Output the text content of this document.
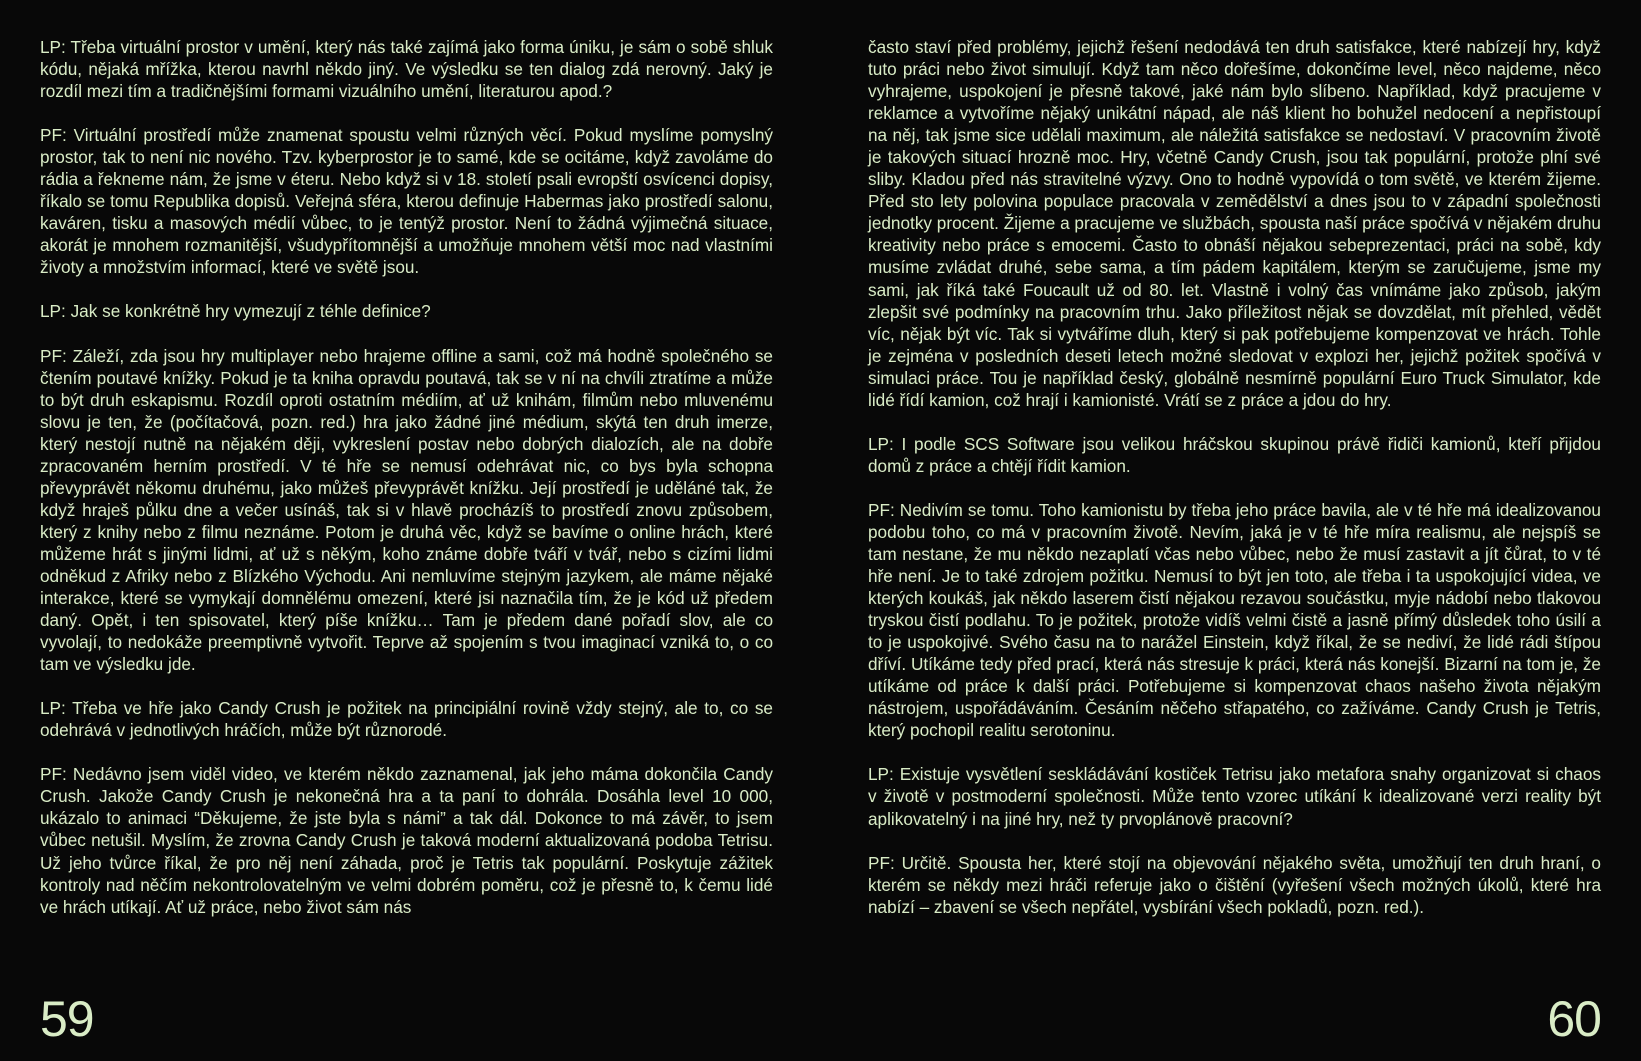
LP: Třeba virtuální prostor v umění, který nás také zajímá jako forma úniku, je sám o sobě shluk kódu, nějaká mřížka, kterou navrhl někdo jiný. Ve výsledku se ten dialog zdá nerovný. Jaký je rozdíl mezi tím a tradičnějšími formami vizuálního umění, literaturou apod.?

PF: Virtuální prostředí může znamenat spoustu velmi různých věcí. Pokud myslíme pomyslný prostor, tak to není nic nového. Tzv. kyberprostor je to samé, kde se ocitáme, když zavoláme do rádia a řekneme nám, že jsme v éteru. Nebo když si v 18. století psali evropští osvícenci dopisy, říkalo se tomu Republika dopisů. Veřejná sféra, kterou definuje Habermas jako prostředí salonu, kaváren, tisku a masových médií vůbec, to je tentýž prostor. Není to žádná výjimečná situace, akorát je mnohem rozmanitější, všudypřítomnější a umožňuje mnohem větší moc nad vlastními životy a množstvím informací, které ve světě jsou.

LP: Jak se konkrétně hry vymezují z téhle definice?

PF: Záleží, zda jsou hry multiplayer nebo hrajeme offline a sami, což má hodně společného se čtením poutavé knížky. Pokud je ta kniha opravdu poutavá, tak se v ní na chvíli ztratíme a může to být druh eskapismu. Rozdíl oproti ostatním médiím, ať už knihám, filmům nebo mluvenému slovu je ten, že (počítačová, pozn. red.) hra jako žádné jiné médium, skýtá ten druh imerze, který nestojí nutně na nějakém ději, vykreslení postav nebo dobrých dialozích, ale na dobře zpracovaném herním prostředí. V té hře se nemusí odehrávat nic, co bys byla schopna převyprávět někomu druhému, jako můžeš převyprávět knížku. Její prostředí je uděláné tak, že když hraješ půlku dne a večer usínáš, tak si v hlavě procházíš to prostředí znovu způsobem, který z knihy nebo z filmu neznáme. Potom je druhá věc, když se bavíme o online hrách, které můžeme hrát s jinými lidmi, ať už s někým, koho známe dobře tváří v tvář, nebo s cizími lidmi odněkud z Afriky nebo z Blízkého Východu. Ani nemluvíme stejným jazykem, ale máme nějaké interakce, které se vymykají domnělému omezení, které jsi naznačila tím, že je kód už předem daný. Opět, i ten spisovatel, který píše knížku… Tam je předem dané pořadí slov, ale co vyvolají, to nedokáže preemptivně vytvořit. Teprve až spojením s tvou imaginací vzniká to, o co tam ve výsledku jde.

LP: Třeba ve hře jako Candy Crush je požitek na principiální rovině vždy stejný, ale to, co se odehrává v jednotlivých hráčích, může být různorodé.

PF: Nedávno jsem viděl video, ve kterém někdo zaznamenal, jak jeho máma dokončila Candy Crush. Jakože Candy Crush je nekonečná hra a ta paní to dohrála. Dosáhla level 10 000, ukázalo to animaci “Děkujeme, že jste byla s námi” a tak dál. Dokonce to má závěr, to jsem vůbec netušil. Myslím, že zrovna Candy Crush je taková moderní aktualizovaná podoba Tetrisu. Už jeho tvůrce říkal, že pro něj není záhada, proč je Tetris tak populární. Poskytuje zážitek kontroly nad něčím nekontrolovatelným ve velmi dobrém poměru, což je přesně to, k čemu lidé ve hrách utíkají. Ať už práce, nebo život sám nás

často staví před problémy, jejichž řešení nedodává ten druh satisfakce, které nabízejí hry, když tuto práci nebo život simulují. Když tam něco dořešíme, dokončíme level, něco najdeme, něco vyhrajeme, uspokojení je přesně takové, jaké nám bylo slíbeno. Například, když pracujeme v reklamce a vytvoříme nějaký unikátní nápad, ale náš klient ho bohužel nedocení a nepřistoupí na něj, tak jsme sice udělali maximum, ale náležitá satisfakce se nedostaví. V pracovním životě je takových situací hrozně moc. Hry, včetně Candy Crush, jsou tak populární, protože plní své sliby. Kladou před nás stravitelné výzvy. Ono to hodně vypovídá o tom světě, ve kterém žijeme. Před sto lety polovina populace pracovala v zemědělství a dnes jsou to v západní společnosti jednotky procent. Žijeme a pracujeme ve službách, spousta naší práce spočívá v nějakém druhu kreativity nebo práce s emocemi. Často to obnáší nějakou sebeprezentaci, práci na sobě, kdy musíme zvládat druhé, sebe sama, a tím pádem kapitálem, kterým se zaručujeme, jsme my sami, jak říká také Foucault už od 80. let. Vlastně i volný čas vnímáme jako způsob, jakým zlepšit své podmínky na pracovním trhu. Jako příležitost nějak se dovzdělat, mít přehled, vědět víc, nějak být víc. Tak si vytváříme dluh, který si pak potřebujeme kompenzovat ve hrách. Tohle je zejména v posledních deseti letech možné sledovat v explozi her, jejichž požitek spočívá v simulaci práce. Tou je například český, globálně nesmírně populární Euro Truck Simulator, kde lidé řídí kamion, což hrají i kamionisté. Vrátí se z práce a jdou do hry.

LP: I podle SCS Software jsou velikou hráčskou skupinou právě řidiči kamionů, kteří přijdou domů z práce a chtějí řídit kamion.

PF: Nedivím se tomu. Toho kamionistu by třeba jeho práce bavila, ale v té hře má idealizovanou podobu toho, co má v pracovním životě. Nevím, jaká je v té hře míra realismu, ale nejspíš se tam nestane, že mu někdo nezaplatí včas nebo vůbec, nebo že musí zastavit a jít čůrat, to v té hře není. Je to také zdrojem požitku. Nemusí to být jen toto, ale třeba i ta uspokojující videa, ve kterých koukáš, jak někdo laserem čistí nějakou rezavou součástku, myje nádobí nebo tlakovou tryskou čistí podlahu. To je požitek, protože vidíš velmi čistě a jasně přímý důsledek toho úsilí a to je uspokojivé. Svého času na to narážel Einstein, když říkal, že se nediví, že lidé rádi štípou dříví. Utíkáme tedy před prací, která nás stresuje k práci, která nás konejší. Bizarní na tom je, že utíkáme od práce k další práci. Potřebujeme si kompenzovat chaos našeho života nějakým nástrojem, uspořádáváním. Česáním něčeho střapatého, co zažíváme. Candy Crush je Tetris, který pochopil realitu serotoninu.

LP: Existuje vysvětlení seskládávání kostiček Tetrisu jako metafora snahy organizovat si chaos v životě v postmoderní společnosti. Může tento vzorec utíkání k idealizované verzi reality být aplikovatelný i na jiné hry, než ty prvoplánově pracovní?

PF: Určitě. Spousta her, které stojí na objevování nějakého světa, umožňují ten druh hraní, o kterém se někdy mezi hráči referuje jako o čištění (vyřešení všech možných úkolů, které hra nabízí – zbavení se všech nepřátel, vysbírání všech pokladů, pozn. red.).

59	60
